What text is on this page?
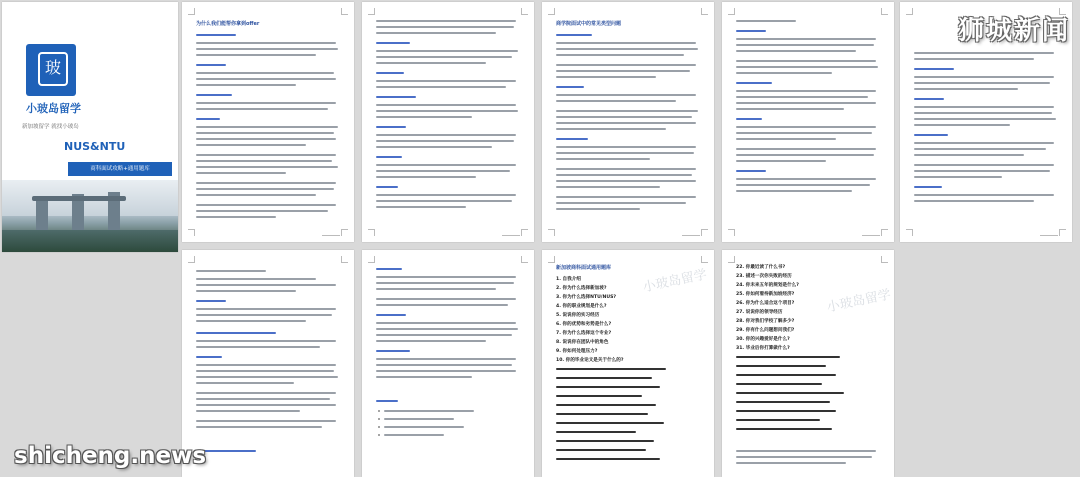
玻
小玻岛留学
新加坡留学 就找小玻岛
NUS&NTU
商科面试攻略+通用题库
为什么我们能帮你拿到offer	商学院面试中的常见类型问题
新加坡商科面试通用题库
1. 自我介绍
2. 你为什么选择新加坡?
3. 你为什么选择NTU/NUS?
4. 你的职业规划是什么?
5. 说说你的实习经历
6. 你的优势和劣势是什么?
7. 你为什么选择这个专业?
8. 说说你在团队中的角色
9. 你如何处理压力?
10. 你的毕业论文是关于什么的?
小玻岛留学	22. 你最近读了什么书?
23. 描述一次你失败的经历
24. 你未来五年的规划是什么?
25. 你如何看待新加坡经济?
26. 你为什么适合这个项目?
27. 说说你的领导经历
28. 你对我们学校了解多少?
29. 你有什么问题想问我们?
30. 你的兴趣爱好是什么?
31. 毕业后你打算做什么?
小玻岛留学
狮城新闻
shicheng.news
